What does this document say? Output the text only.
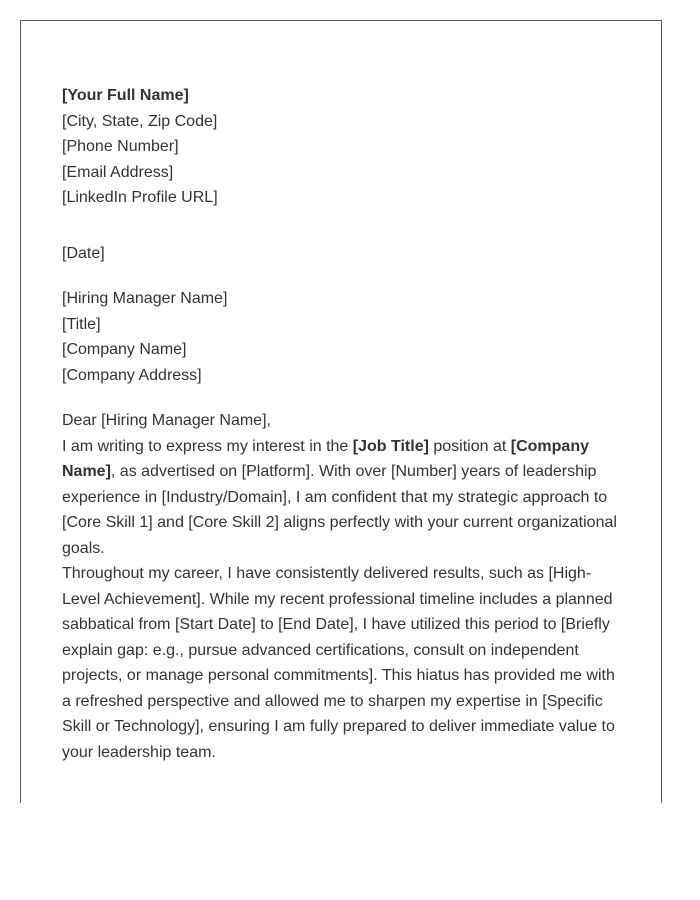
[Your Full Name]
[City, State, Zip Code]
[Phone Number]
[Email Address]
[LinkedIn Profile URL]
[Date]
[Hiring Manager Name]
[Title]
[Company Name]
[Company Address]
Dear [Hiring Manager Name],
I am writing to express my interest in the [Job Title] position at [Company
Name], as advertised on [Platform]. With over [Number] years of leadership
experience in [Industry/Domain], I am confident that my strategic approach to
[Core Skill 1] and [Core Skill 2] aligns perfectly with your current organizational
goals.
Throughout my career, I have consistently delivered results, such as [High-
Level Achievement]. While my recent professional timeline includes a planned
sabbatical from [Start Date] to [End Date], I have utilized this period to [Briefly
explain gap: e.g., pursue advanced certifications, consult on independent
projects, or manage personal commitments]. This hiatus has provided me with
a refreshed perspective and allowed me to sharpen my expertise in [Specific
Skill or Technology], ensuring I am fully prepared to deliver immediate value to
your leadership team.
